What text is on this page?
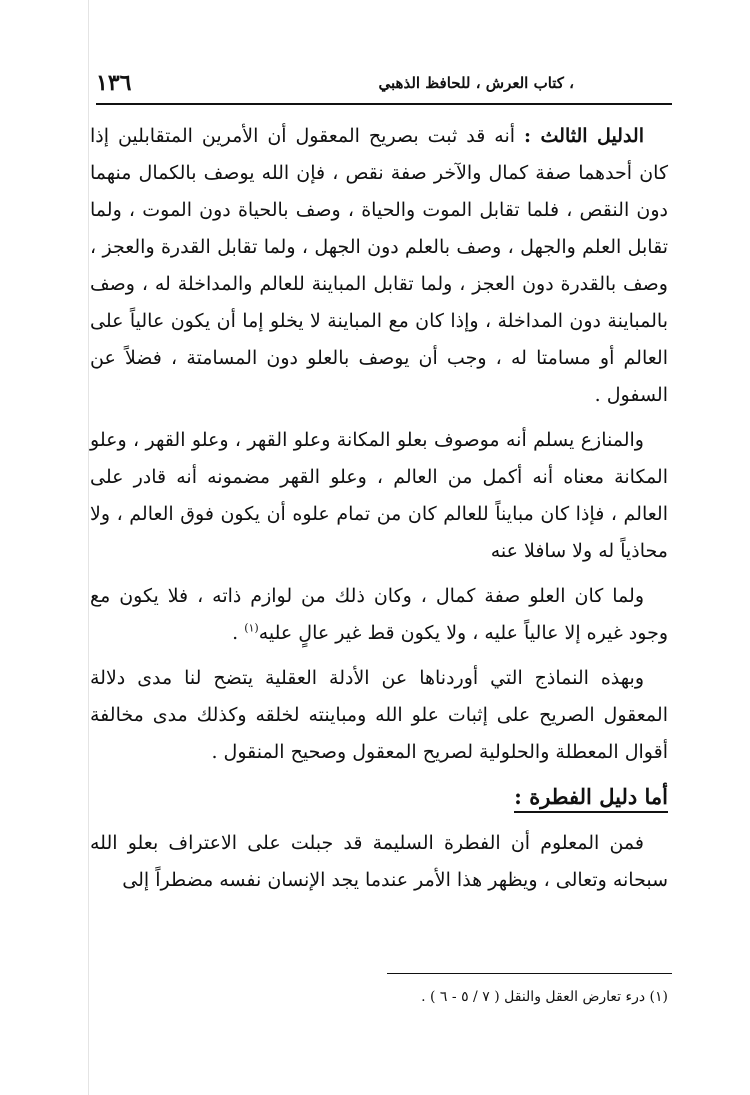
، كتاب العرش ، للحافظ الذهبي
١٣٦

الدليل الثالث : أنه قد ثبت بصريح المعقول أن الأمرين المتقابلين إذا كان أحدهما صفة كمال والآخر صفة نقص ، فإن الله يوصف بالكمال منهما دون النقص ، فلما تقابل الموت والحياة ، وصف بالحياة دون الموت ، ولما تقابل العلم والجهل ، وصف بالعلم دون الجهل ، ولما تقابل القدرة والعجز ، وصف بالقدرة دون العجز ، ولما تقابل المباينة للعالم والمداخلة له ، وصف بالمباينة دون المداخلة ، وإذا كان مع المباينة لا يخلو إما أن يكون عالياً على العالم أو مسامتا له ، وجب أن يوصف بالعلو دون المسامتة ، فضلاً عن السفول .

والمنازع يسلم أنه موصوف بعلو المكانة وعلو القهر ، وعلو القهر ، وعلو المكانة معناه أنه أكمل من العالم ، وعلو القهر مضمونه أنه قادر على العالم ، فإذا كان مبايناً للعالم كان من تمام علوه أن يكون فوق العالم ، ولا محاذياً له ولا سافلا عنه

ولما كان العلو صفة كمال ، وكان ذلك من لوازم ذاته ، فلا يكون مع وجود غيره إلا عالياً عليه ، ولا يكون قط غير عالٍ عليه$^{(١)}$ .

وبهذه النماذج التي أوردناها عن الأدلة العقلية يتضح لنا مدى دلالة المعقول الصريح على إثبات علو الله ومباينته لخلقه وكذلك مدى مخالفة أقوال المعطلة والحلولية لصريح المعقول وصحيح المنقول .

أما دليل الفطرة :

فمن المعلوم أن الفطرة السليمة قد جبلت على الاعتراف بعلو الله سبحانه وتعالى ، ويظهر هذا الأمر عندما يجد الإنسان نفسه مضطراً إلى

(١) درء تعارض العقل والنقل ( ٧ / ٥ - ٦ ) .
